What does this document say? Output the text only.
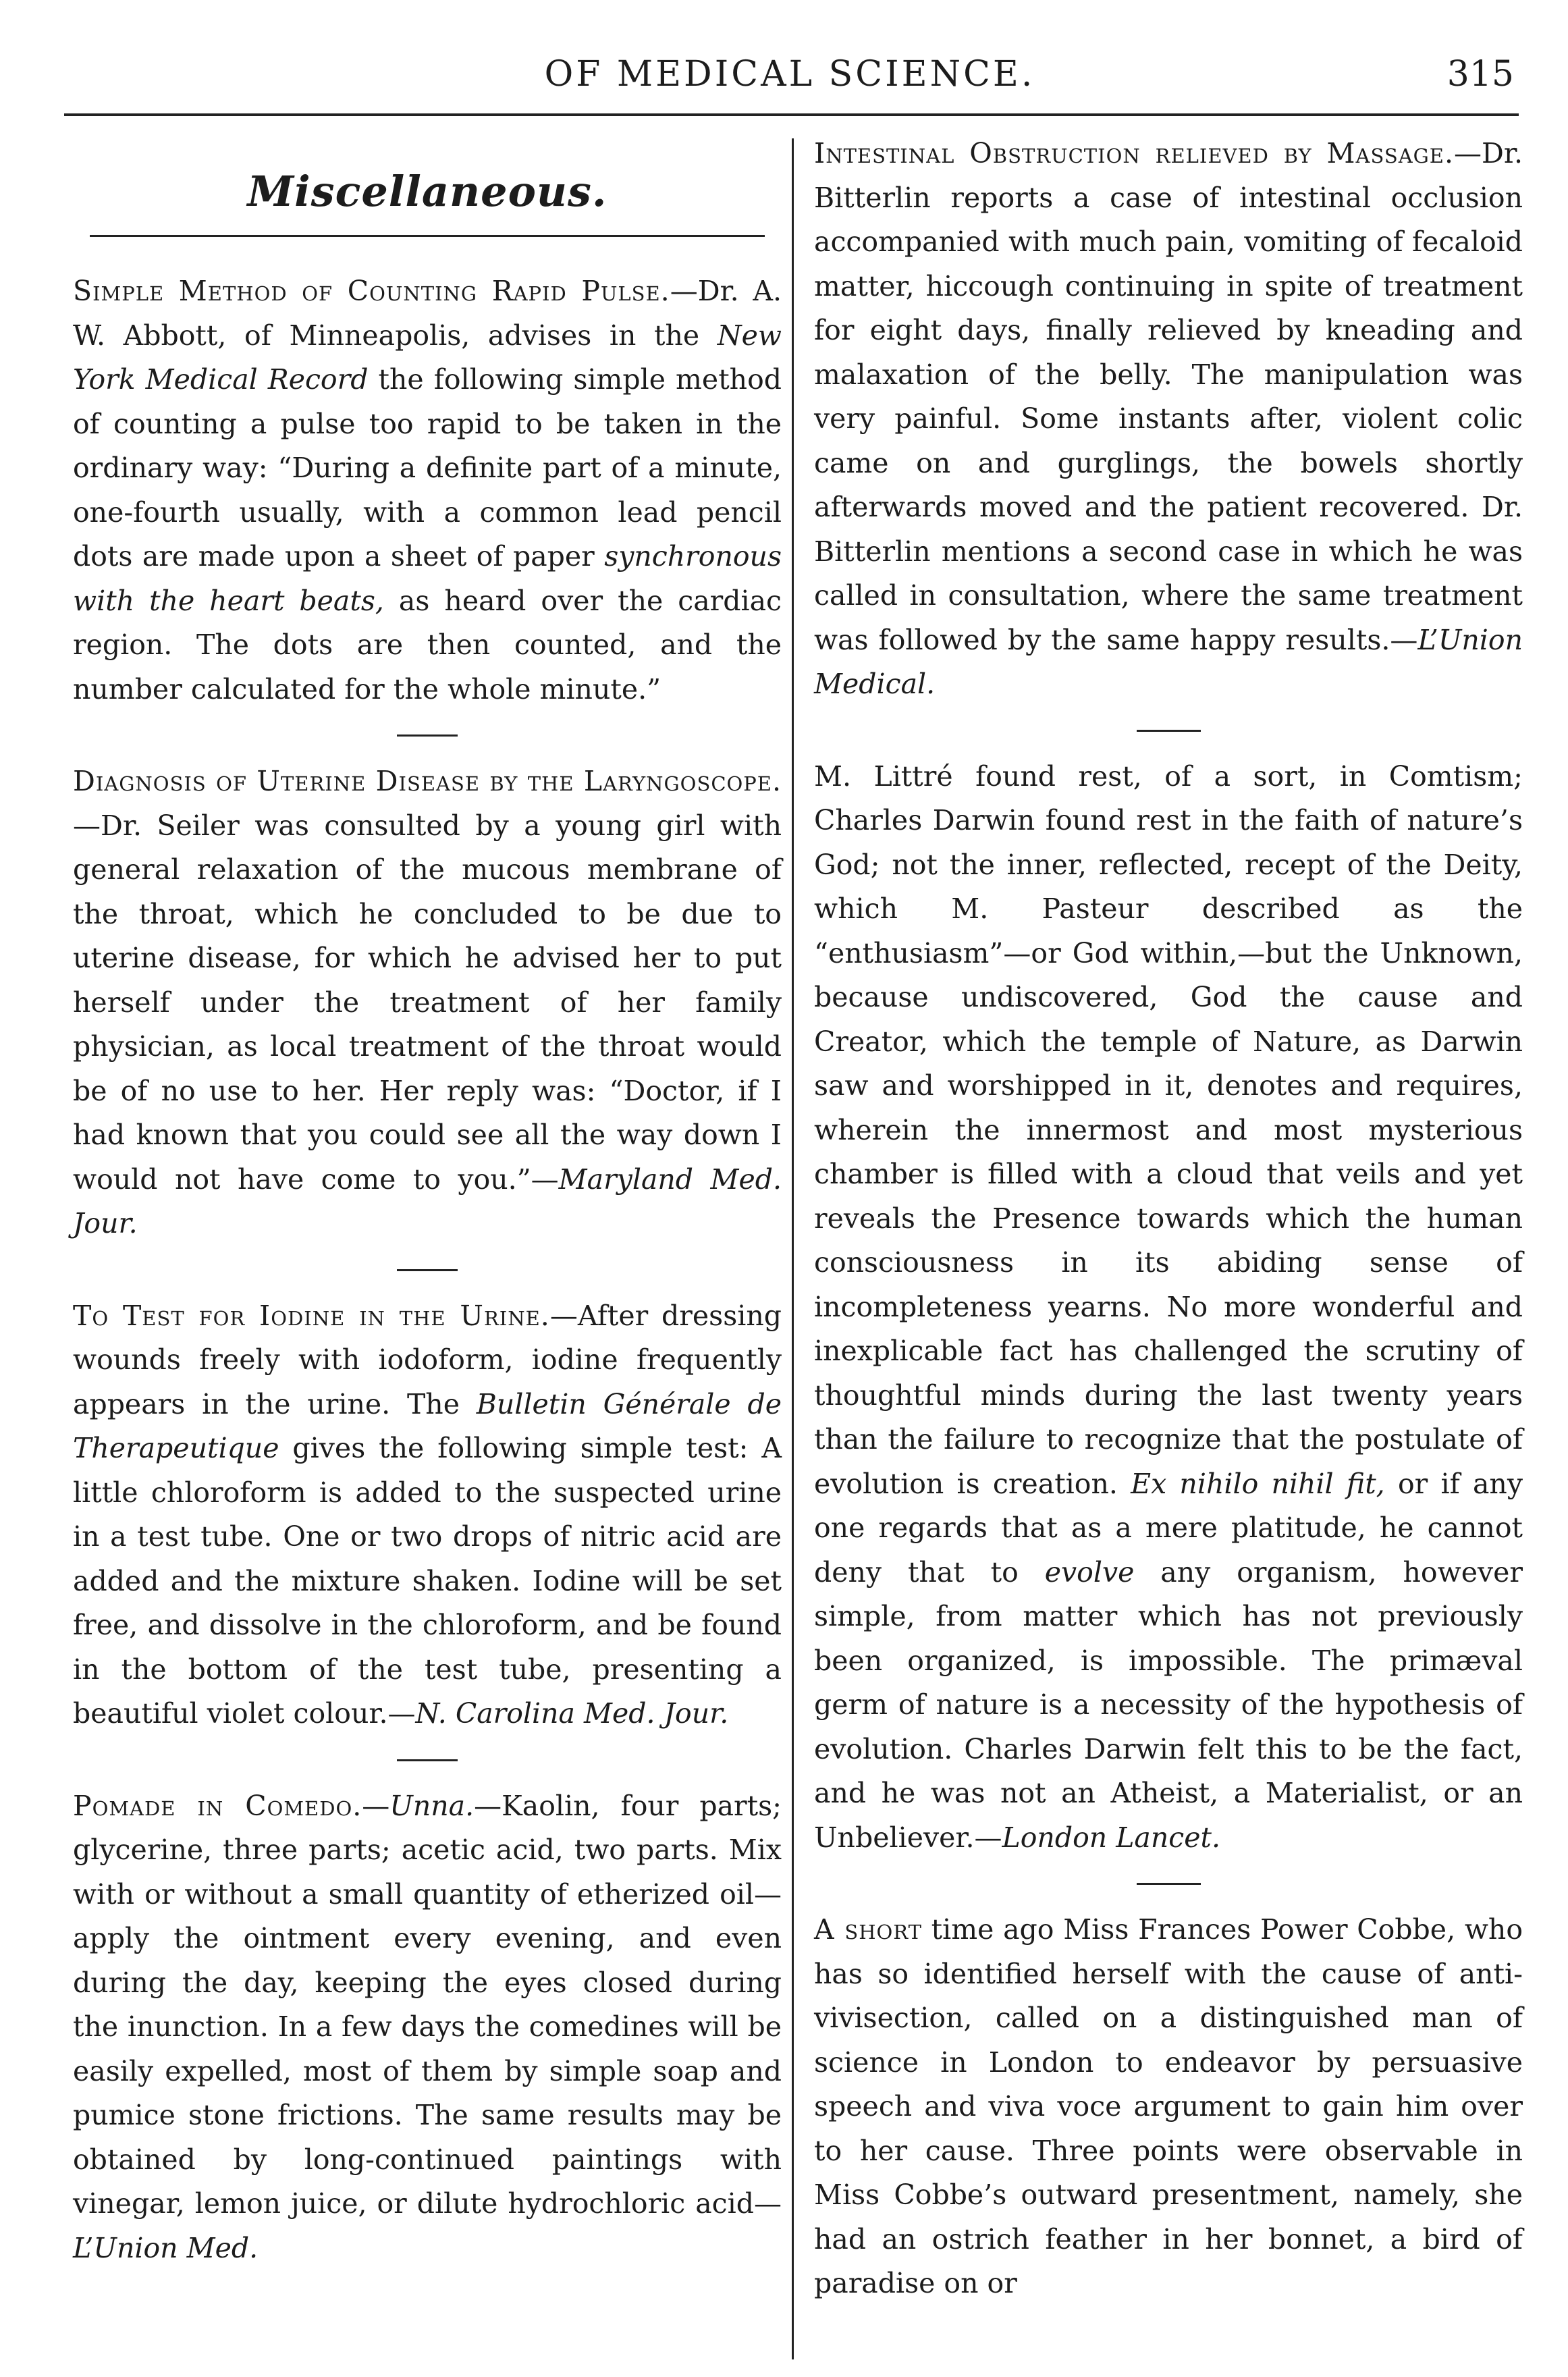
OF MEDICAL SCIENCE.	315
Miscellaneous.

Simple Method of Counting Rapid Pulse.—Dr. A. W. Abbott, of Minneapolis, advises in the New York Medical Record the following simple method of counting a pulse too rapid to be taken in the ordinary way: “During a definite part of a minute, one-fourth usually, with a common lead pencil dots are made upon a sheet of paper synchronous with the heart beats, as heard over the cardiac region. The dots are then counted, and the number calculated for the whole minute.”

Diagnosis of Uterine Disease by the Laryngoscope.—Dr. Seiler was consulted by a young girl with general relaxation of the mucous membrane of the throat, which he concluded to be due to uterine disease, for which he advised her to put herself under the treatment of her family physician, as local treatment of the throat would be of no use to her. Her reply was: “Doctor, if I had known that you could see all the way down I would not have come to you.”—Maryland Med. Jour.

To Test for Iodine in the Urine.—After dressing wounds freely with iodoform, iodine frequently appears in the urine. The Bulletin Générale de Therapeutique gives the following simple test: A little chloroform is added to the suspected urine in a test tube. One or two drops of nitric acid are added and the mixture shaken. Iodine will be set free, and dissolve in the chloroform, and be found in the bottom of the test tube, presenting a beautiful violet colour.—N. Carolina Med. Jour.

Pomade in Comedo.—Unna.—Kaolin, four parts; glycerine, three parts; acetic acid, two parts. Mix with or without a small quantity of etherized oil—apply the ointment every evening, and even during the day, keeping the eyes closed during the inunction. In a few days the comedines will be easily expelled, most of them by simple soap and pumice stone frictions. The same results may be obtained by long-continued paintings with vinegar, lemon juice, or dilute hydrochloric acid—L’Union Med.

Intestinal Obstruction relieved by Massage.—Dr. Bitterlin reports a case of intestinal occlusion accompanied with much pain, vomiting of fecaloid matter, hiccough continuing in spite of treatment for eight days, finally relieved by kneading and malaxation of the belly. The manipulation was very painful. Some instants after, violent colic came on and gurglings, the bowels shortly afterwards moved and the patient recovered. Dr. Bitterlin mentions a second case in which he was called in consultation, where the same treatment was followed by the same happy results.—L’Union Medical.

M. Littré found rest, of a sort, in Comtism; Charles Darwin found rest in the faith of nature’s God; not the inner, reflected, recept of the Deity, which M. Pasteur described as the “enthusiasm”—or God within,—but the Unknown, because undiscovered, God the cause and Creator, which the temple of Nature, as Darwin saw and worshipped in it, denotes and requires, wherein the innermost and most mysterious chamber is filled with a cloud that veils and yet reveals the Presence towards which the human consciousness in its abiding sense of incompleteness yearns. No more wonderful and inexplicable fact has challenged the scrutiny of thoughtful minds during the last twenty years than the failure to recognize that the postulate of evolution is creation. Ex nihilo nihil fit, or if any one regards that as a mere platitude, he cannot deny that to evolve any organism, however simple, from matter which has not previously been organized, is impossible. The primæval germ of nature is a necessity of the hypothesis of evolution. Charles Darwin felt this to be the fact, and he was not an Atheist, a Materialist, or an Unbeliever.—London Lancet.

A short time ago Miss Frances Power Cobbe, who has so identified herself with the cause of anti-vivisection, called on a distinguished man of science in London to endeavor by persuasive speech and viva voce argument to gain him over to her cause. Three points were observable in Miss Cobbe’s outward presentment, namely, she had an ostrich feather in her bonnet, a bird of paradise on or
